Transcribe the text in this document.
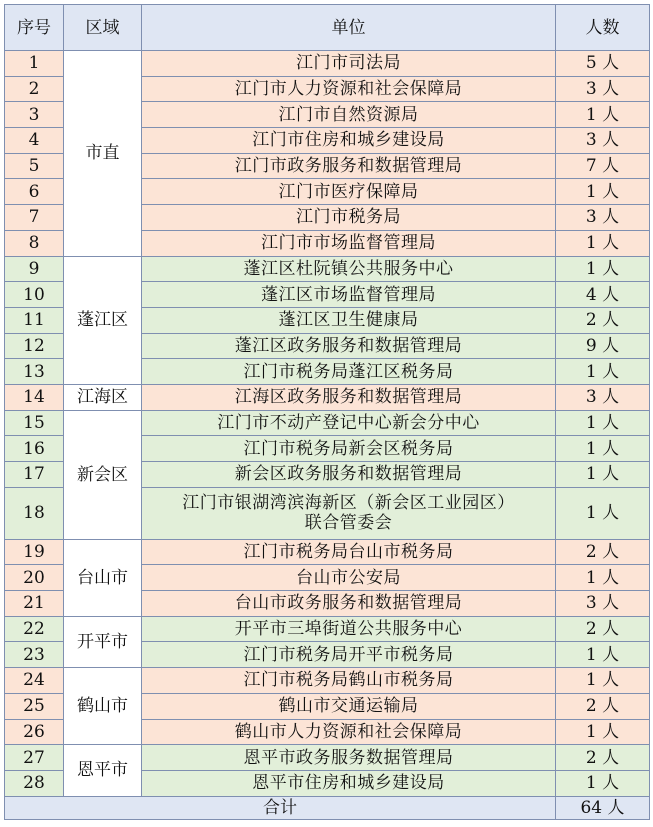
序号	区域	单位	人数
1	市直	江门市司法局	5 人
2		江门市人力资源和社会保障局	3 人
3		江门市自然资源局	1 人
4		江门市住房和城乡建设局	3 人
5		江门市政务服务和数据管理局	7 人
6		江门市医疗保障局	1 人
7		江门市税务局	3 人
8		江门市市场监督管理局	1 人
9	蓬江区	蓬江区杜阮镇公共服务中心	1 人
10		蓬江区市场监督管理局	4 人
11		蓬江区卫生健康局	2 人
12		蓬江区政务服务和数据管理局	9 人
13		江门市税务局蓬江区税务局	1 人
14	江海区	江海区政务服务和数据管理局	3 人
15	新会区	江门市不动产登记中心新会分中心	1 人
16		江门市税务局新会区税务局	1 人
17		新会区政务服务和数据管理局	1 人
18		江门市银湖湾滨海新区（新会区工业园区）联合管委会	1 人
19	台山市	江门市税务局台山市税务局	2 人
20		台山市公安局	1 人
21		台山市政务服务和数据管理局	3 人
22	开平市	开平市三埠街道公共服务中心	2 人
23		江门市税务局开平市税务局	1 人
24	鹤山市	江门市税务局鹤山市税务局	1 人
25		鹤山市交通运输局	2 人
26		鹤山市人力资源和社会保障局	1 人
27	恩平市	恩平市政务服务数据管理局	2 人
28		恩平市住房和城乡建设局	1 人
合计			64 人
